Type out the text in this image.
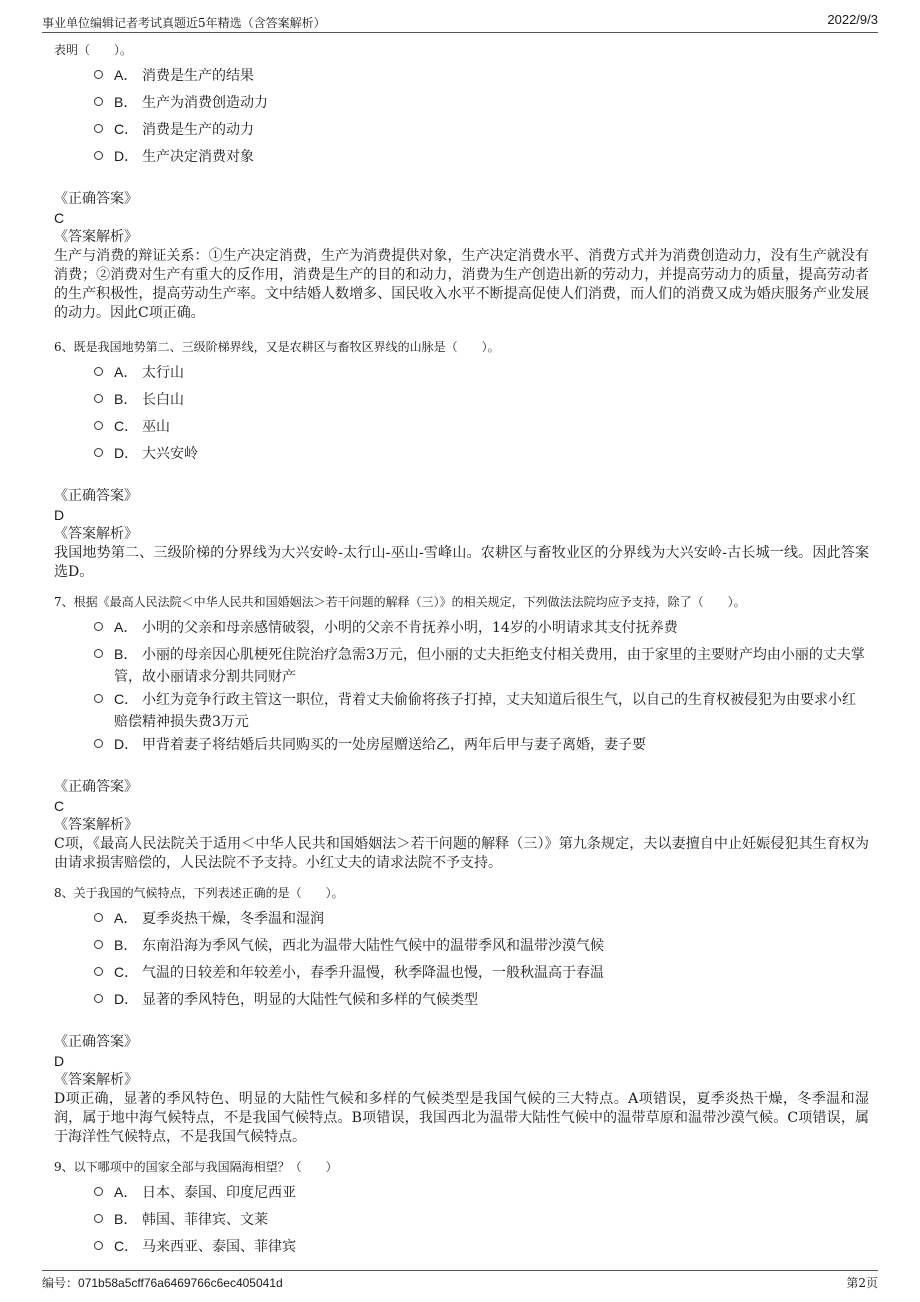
事业单位编辑记者考试真题近5年精选（含答案解析）	2022/9/3

表明（　　）。

A． 消费是生产的结果
B． 生产为消费创造动力
C． 消费是生产的动力
D． 生产决定消费对象
《正确答案》
C
《答案解析》
生产与消费的辩证关系：①生产决定消费，生产为消费提供对象，生产决定消费水平、消费方式并为消费创造动力，没有生产就没有消费；②消费对生产有重大的反作用，消费是生产的目的和动力，消费为生产创造出新的劳动力，并提高劳动力的质量，提高劳动者的生产积极性，提高劳动生产率。文中结婚人数增多、国民收入水平不断提高促使人们消费，而人们的消费又成为婚庆服务产业发展的动力。因此C项正确。

6、既是我国地势第二、三级阶梯界线，又是农耕区与畜牧区界线的山脉是（　　）。

A． 太行山
B． 长白山
C． 巫山
D． 大兴安岭
《正确答案》
D
《答案解析》
我国地势第二、三级阶梯的分界线为大兴安岭-太行山-巫山-雪峰山。农耕区与畜牧业区的分界线为大兴安岭-古长城一线。因此答案选D。

7、根据《最高人民法院＜中华人民共和国婚姻法＞若干问题的解释（三）》的相关规定，下列做法法院均应予支持，除了（　　）。

A． 小明的父亲和母亲感情破裂，小明的父亲不肯抚养小明，14岁的小明请求其支付抚养费
B． 小丽的母亲因心肌梗死住院治疗急需3万元，但小丽的丈夫拒绝支付相关费用，由于家里的主要财产均由小丽的丈夫掌管，故小丽请求分割共同财产
C． 小红为竞争行政主管这一职位，背着丈夫偷偷将孩子打掉，丈夫知道后很生气，以自己的生育权被侵犯为由要求小红赔偿精神损失费3万元
D． 甲背着妻子将结婚后共同购买的一处房屋赠送给乙，两年后甲与妻子离婚，妻子要
《正确答案》
C
《答案解析》
C项，《最高人民法院关于适用＜中华人民共和国婚姻法＞若干问题的解释（三）》第九条规定，夫以妻擅自中止妊娠侵犯其生育权为由请求损害赔偿的，人民法院不予支持。小红丈夫的请求法院不予支持。

8、关于我国的气候特点，下列表述正确的是（　　）。

A． 夏季炎热干燥，冬季温和湿润
B． 东南沿海为季风气候，西北为温带大陆性气候中的温带季风和温带沙漠气候
C． 气温的日较差和年较差小，春季升温慢，秋季降温也慢，一般秋温高于春温
D． 显著的季风特色，明显的大陆性气候和多样的气候类型
《正确答案》
D
《答案解析》
D项正确，显著的季风特色、明显的大陆性气候和多样的气候类型是我国气候的三大特点。A项错误，夏季炎热干燥，冬季温和湿润，属于地中海气候特点，不是我国气候特点。B项错误，我国西北为温带大陆性气候中的温带草原和温带沙漠气候。C项错误，属于海洋性气候特点，不是我国气候特点。

9、以下哪项中的国家全部与我国隔海相望？（　　）

A． 日本、泰国、印度尼西亚
B． 韩国、菲律宾、文莱
C． 马来西亚、泰国、菲律宾
编号：071b58a5cff76a6469766c6ec405041d	第2页
